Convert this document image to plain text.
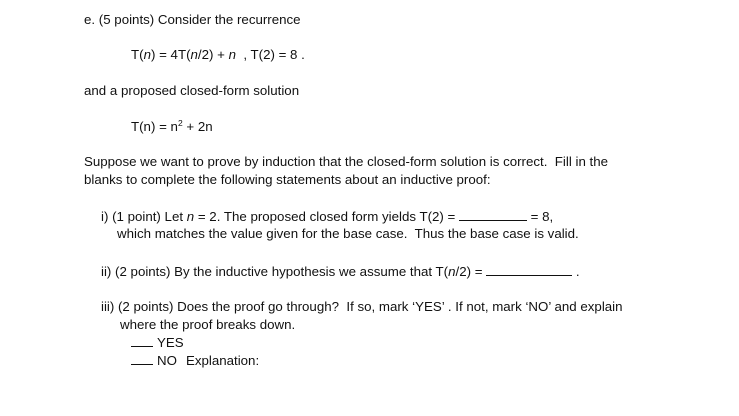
e. (5 points) Consider the recurrence
T(n) = 4T(n/2) + n  , T(2) = 8 .
and a proposed closed-form solution
$T(n) = n^2 + 2n$
Suppose we want to prove by induction that the closed-form solution is correct.  Fill in the
blanks to complete the following statements about an inductive proof:
i) (1 point) Let n = 2. The proposed closed form yields T(2) =	= 8,
which matches the value given for the base case.  Thus the base case is valid.
ii) (2 points) By the inductive hypothesis we assume that T(n/2) =	.
iii) (2 points) Does the proof go through?  If so, mark ‘YES’ . If not, mark ‘NO’ and explain
where the proof breaks down.
YES
NO Explanation:
